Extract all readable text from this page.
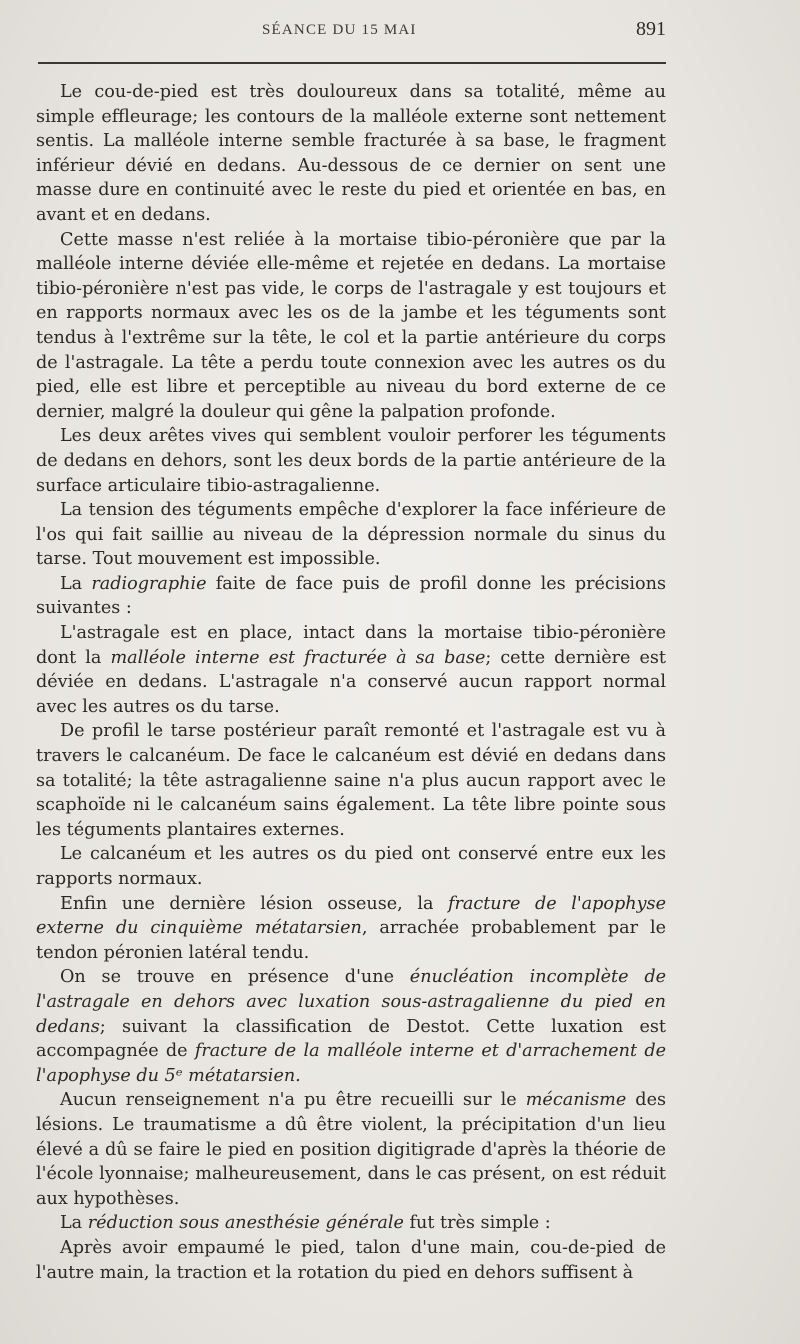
SÉANCE DU 15 MAI	891

Le cou-de-pied est très douloureux dans sa totalité, même au simple effleurage; les contours de la malléole externe sont nettement sentis. La malléole interne semble fracturée à sa base, le fragment inférieur dévié en dedans. Au-dessous de ce dernier on sent une masse dure en continuité avec le reste du pied et orientée en bas, en avant et en dedans.

Cette masse n'est reliée à la mortaise tibio-péronière que par la malléole interne déviée elle-même et rejetée en dedans. La mortaise tibio-péronière n'est pas vide, le corps de l'astragale y est toujours et en rapports normaux avec les os de la jambe et les téguments sont tendus à l'extrême sur la tête, le col et la partie antérieure du corps de l'astragale. La tête a perdu toute connexion avec les autres os du pied, elle est libre et perceptible au niveau du bord externe de ce dernier, malgré la douleur qui gêne la palpation profonde.

Les deux arêtes vives qui semblent vouloir perforer les téguments de dedans en dehors, sont les deux bords de la partie antérieure de la surface articulaire tibio-astragalienne.

La tension des téguments empêche d'explorer la face inférieure de l'os qui fait saillie au niveau de la dépression normale du sinus du tarse. Tout mouvement est impossible.

La radiographie faite de face puis de profil donne les précisions suivantes :

L'astragale est en place, intact dans la mortaise tibio-péronière dont la malléole interne est fracturée à sa base; cette dernière est déviée en dedans. L'astragale n'a conservé aucun rapport normal avec les autres os du tarse.

De profil le tarse postérieur paraît remonté et l'astragale est vu à travers le calcanéum. De face le calcanéum est dévié en dedans dans sa totalité; la tête astragalienne saine n'a plus aucun rapport avec le scaphoïde ni le calcanéum sains également. La tête libre pointe sous les téguments plantaires externes.

Le calcanéum et les autres os du pied ont conservé entre eux les rapports normaux.

Enfin une dernière lésion osseuse, la fracture de l'apophyse externe du cinquième métatarsien, arrachée probablement par le tendon péronien latéral tendu.

On se trouve en présence d'une énucléation incomplète de l'astragale en dehors avec luxation sous-astragalienne du pied en dedans; suivant la classification de Destot. Cette luxation est accompagnée de fracture de la malléole interne et d'arrachement de l'apophyse du 5ᵉ métatarsien.

Aucun renseignement n'a pu être recueilli sur le mécanisme des lésions. Le traumatisme a dû être violent, la précipitation d'un lieu élevé a dû se faire le pied en position digitigrade d'après la théorie de l'école lyonnaise; malheureusement, dans le cas présent, on est réduit aux hypothèses.

La réduction sous anesthésie générale fut très simple :

Après avoir empaumé le pied, talon d'une main, cou-de-pied de l'autre main, la traction et la rotation du pied en dehors suffisent à
